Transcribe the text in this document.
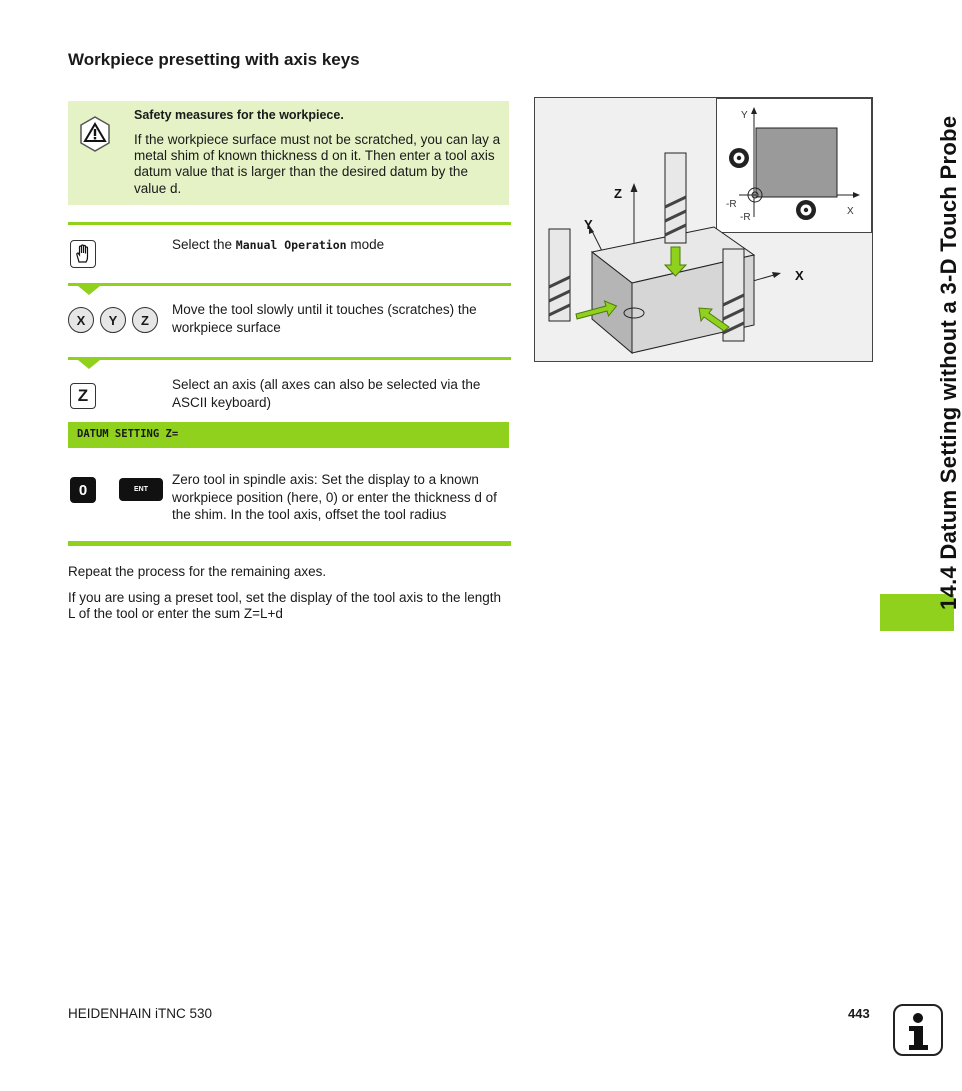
Workpiece presetting with axis keys
Safety measures for the workpiece.
If the workpiece surface must not be scratched, you can lay a metal shim of known thickness d on it. Then enter a tool axis datum value that is larger than the desired datum by the value d.
Select the Manual Operation mode
X	Y	Z
Move the tool slowly until it touches (scratches) the workpiece surface
Z
Select an axis (all axes can also be selected via the ASCII keyboard)
DATUM SETTING Z=
0	ENT
Zero tool in spindle axis: Set the display to a known workpiece position (here, 0) or enter the thickness d of the shim. In the tool axis, offset the tool radius

Repeat the process for the remaining axes.

If you are using a preset tool, set the display of the tool axis to the length L of the tool or enter the sum Z=L+d

Y
X
-R
-R
Z
Y
X	14.4 Datum Setting without a 3-D Touch Probe
HEIDENHAIN iTNC 530	443
